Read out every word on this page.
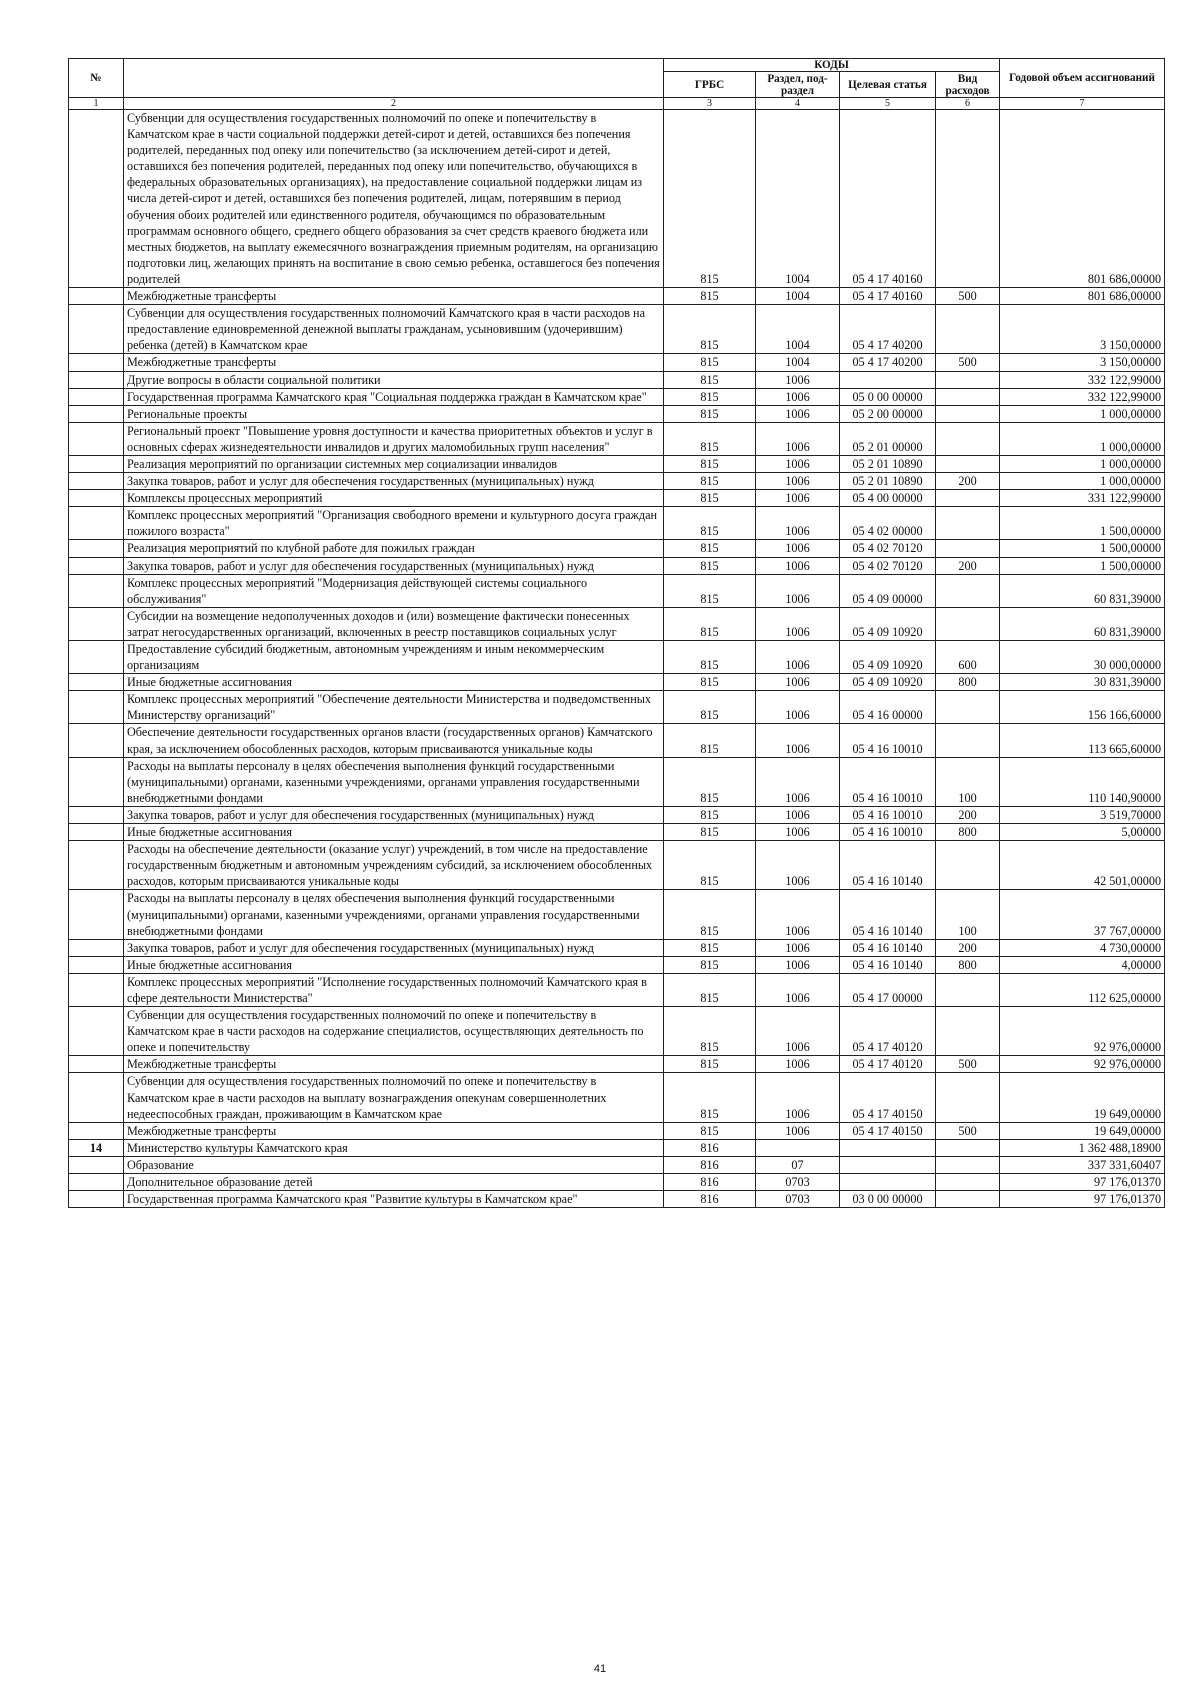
№		КОДЫ				Годовой объем ассигнований
		ГРБС	Раздел, под-раздел	Целевая статья	Вид расходов	
1	2	3	4	5	6	7
	Субвенции для осуществления государственных полномочий по опеке и попечительству в Камчатском крае в части социальной поддержки детей-сирот и детей, оставшихся без попечения родителей, переданных под опеку или попечительство (за исключением детей-сирот и детей, оставшихся без попечения родителей, переданных под опеку или попечительство, обучающихся в федеральных образовательных организациях), на предоставление социальной поддержки лицам из числа детей-сирот и детей, оставшихся без попечения родителей, лицам, потерявшим в период обучения обоих родителей или единственного родителя, обучающимся по образовательным программам основного общего, среднего общего образования за счет средств краевого бюджета или местных бюджетов, на выплату ежемесячного вознаграждения приемным родителям, на организацию подготовки лиц, желающих принять на воспитание в свою семью ребенка, оставшегося без попечения родителей	815	1004	05 4 17 40160		801 686,00000
	Межбюджетные трансферты	815	1004	05 4 17 40160	500	801 686,00000
	Субвенции для осуществления государственных полномочий Камчатского края в части расходов на предоставление единовременной денежной выплаты гражданам, усыновившим (удочерившим) ребенка (детей) в Камчатском крае	815	1004	05 4 17 40200		3 150,00000
	Межбюджетные трансферты	815	1004	05 4 17 40200	500	3 150,00000
	Другие вопросы в области социальной политики	815	1006			332 122,99000
	Государственная программа Камчатского края "Социальная поддержка граждан в Камчатском крае"	815	1006	05 0 00 00000		332 122,99000
	Региональные проекты	815	1006	05 2 00 00000		1 000,00000
	Региональный проект "Повышение уровня доступности и качества приоритетных объектов и услуг в основных сферах жизнедеятельности инвалидов и других маломобильных групп населения"	815	1006	05 2 01 00000		1 000,00000
	Реализация мероприятий по организации системных мер социализации инвалидов	815	1006	05 2 01 10890		1 000,00000
	Закупка товаров, работ и услуг для обеспечения государственных (муниципальных) нужд	815	1006	05 2 01 10890	200	1 000,00000
	Комплексы процессных мероприятий	815	1006	05 4 00 00000		331 122,99000
	Комплекс процессных мероприятий "Организация свободного времени и культурного досуга граждан пожилого возраста"	815	1006	05 4 02 00000		1 500,00000
	Реализация мероприятий по клубной работе для пожилых граждан	815	1006	05 4 02 70120		1 500,00000
	Закупка товаров, работ и услуг для обеспечения государственных (муниципальных) нужд	815	1006	05 4 02 70120	200	1 500,00000
	Комплекс процессных мероприятий "Модернизация действующей системы социального обслуживания"	815	1006	05 4 09 00000		60 831,39000
	Субсидии на возмещение недополученных доходов и (или) возмещение фактически понесенных затрат негосударственных организаций, включенных в реестр поставщиков социальных услуг	815	1006	05 4 09 10920		60 831,39000
	Предоставление субсидий бюджетным, автономным учреждениям и иным некоммерческим организациям	815	1006	05 4 09 10920	600	30 000,00000
	Иные бюджетные ассигнования	815	1006	05 4 09 10920	800	30 831,39000
	Комплекс процессных мероприятий "Обеспечение деятельности Министерства и подведомственных Министерству организаций"	815	1006	05 4 16 00000		156 166,60000
	Обеспечение деятельности государственных органов власти (государственных органов) Камчатского края, за исключением обособленных расходов, которым присваиваются уникальные коды	815	1006	05 4 16 10010		113 665,60000
	Расходы на выплаты персоналу в целях обеспечения выполнения функций государственными (муниципальными) органами, казенными учреждениями, органами управления государственными внебюджетными фондами	815	1006	05 4 16 10010	100	110 140,90000
	Закупка товаров, работ и услуг для обеспечения государственных (муниципальных) нужд	815	1006	05 4 16 10010	200	3 519,70000
	Иные бюджетные ассигнования	815	1006	05 4 16 10010	800	5,00000
	Расходы на обеспечение деятельности (оказание услуг) учреждений, в том числе на предоставление государственным бюджетным и автономным учреждениям субсидий, за исключением обособленных расходов, которым присваиваются уникальные коды	815	1006	05 4 16 10140		42 501,00000
	Расходы на выплаты персоналу в целях обеспечения выполнения функций государственными (муниципальными) органами, казенными учреждениями, органами управления государственными внебюджетными фондами	815	1006	05 4 16 10140	100	37 767,00000
	Закупка товаров, работ и услуг для обеспечения государственных (муниципальных) нужд	815	1006	05 4 16 10140	200	4 730,00000
	Иные бюджетные ассигнования	815	1006	05 4 16 10140	800	4,00000
	Комплекс процессных мероприятий "Исполнение государственных полномочий Камчатского края в сфере деятельности Министерства"	815	1006	05 4 17 00000		112 625,00000
	Субвенции для осуществления государственных полномочий по опеке и попечительству в Камчатском крае в части расходов на содержание специалистов, осуществляющих деятельность по опеке и попечительству	815	1006	05 4 17 40120		92 976,00000
	Межбюджетные трансферты	815	1006	05 4 17 40120	500	92 976,00000
	Субвенции для осуществления государственных полномочий по опеке и попечительству в Камчатском крае в части расходов на выплату вознаграждения опекунам совершеннолетних недееспособных граждан, проживающим в Камчатском крае	815	1006	05 4 17 40150		19 649,00000
	Межбюджетные трансферты	815	1006	05 4 17 40150	500	19 649,00000
14	Министерство культуры Камчатского края	816				1 362 488,18900
	Образование	816	07			337 331,60407
	Дополнительное образование детей	816	0703			97 176,01370
	Государственная программа Камчатского края "Развитие культуры в Камчатском крае"	816	0703	03 0 00 00000		97 176,01370
41
